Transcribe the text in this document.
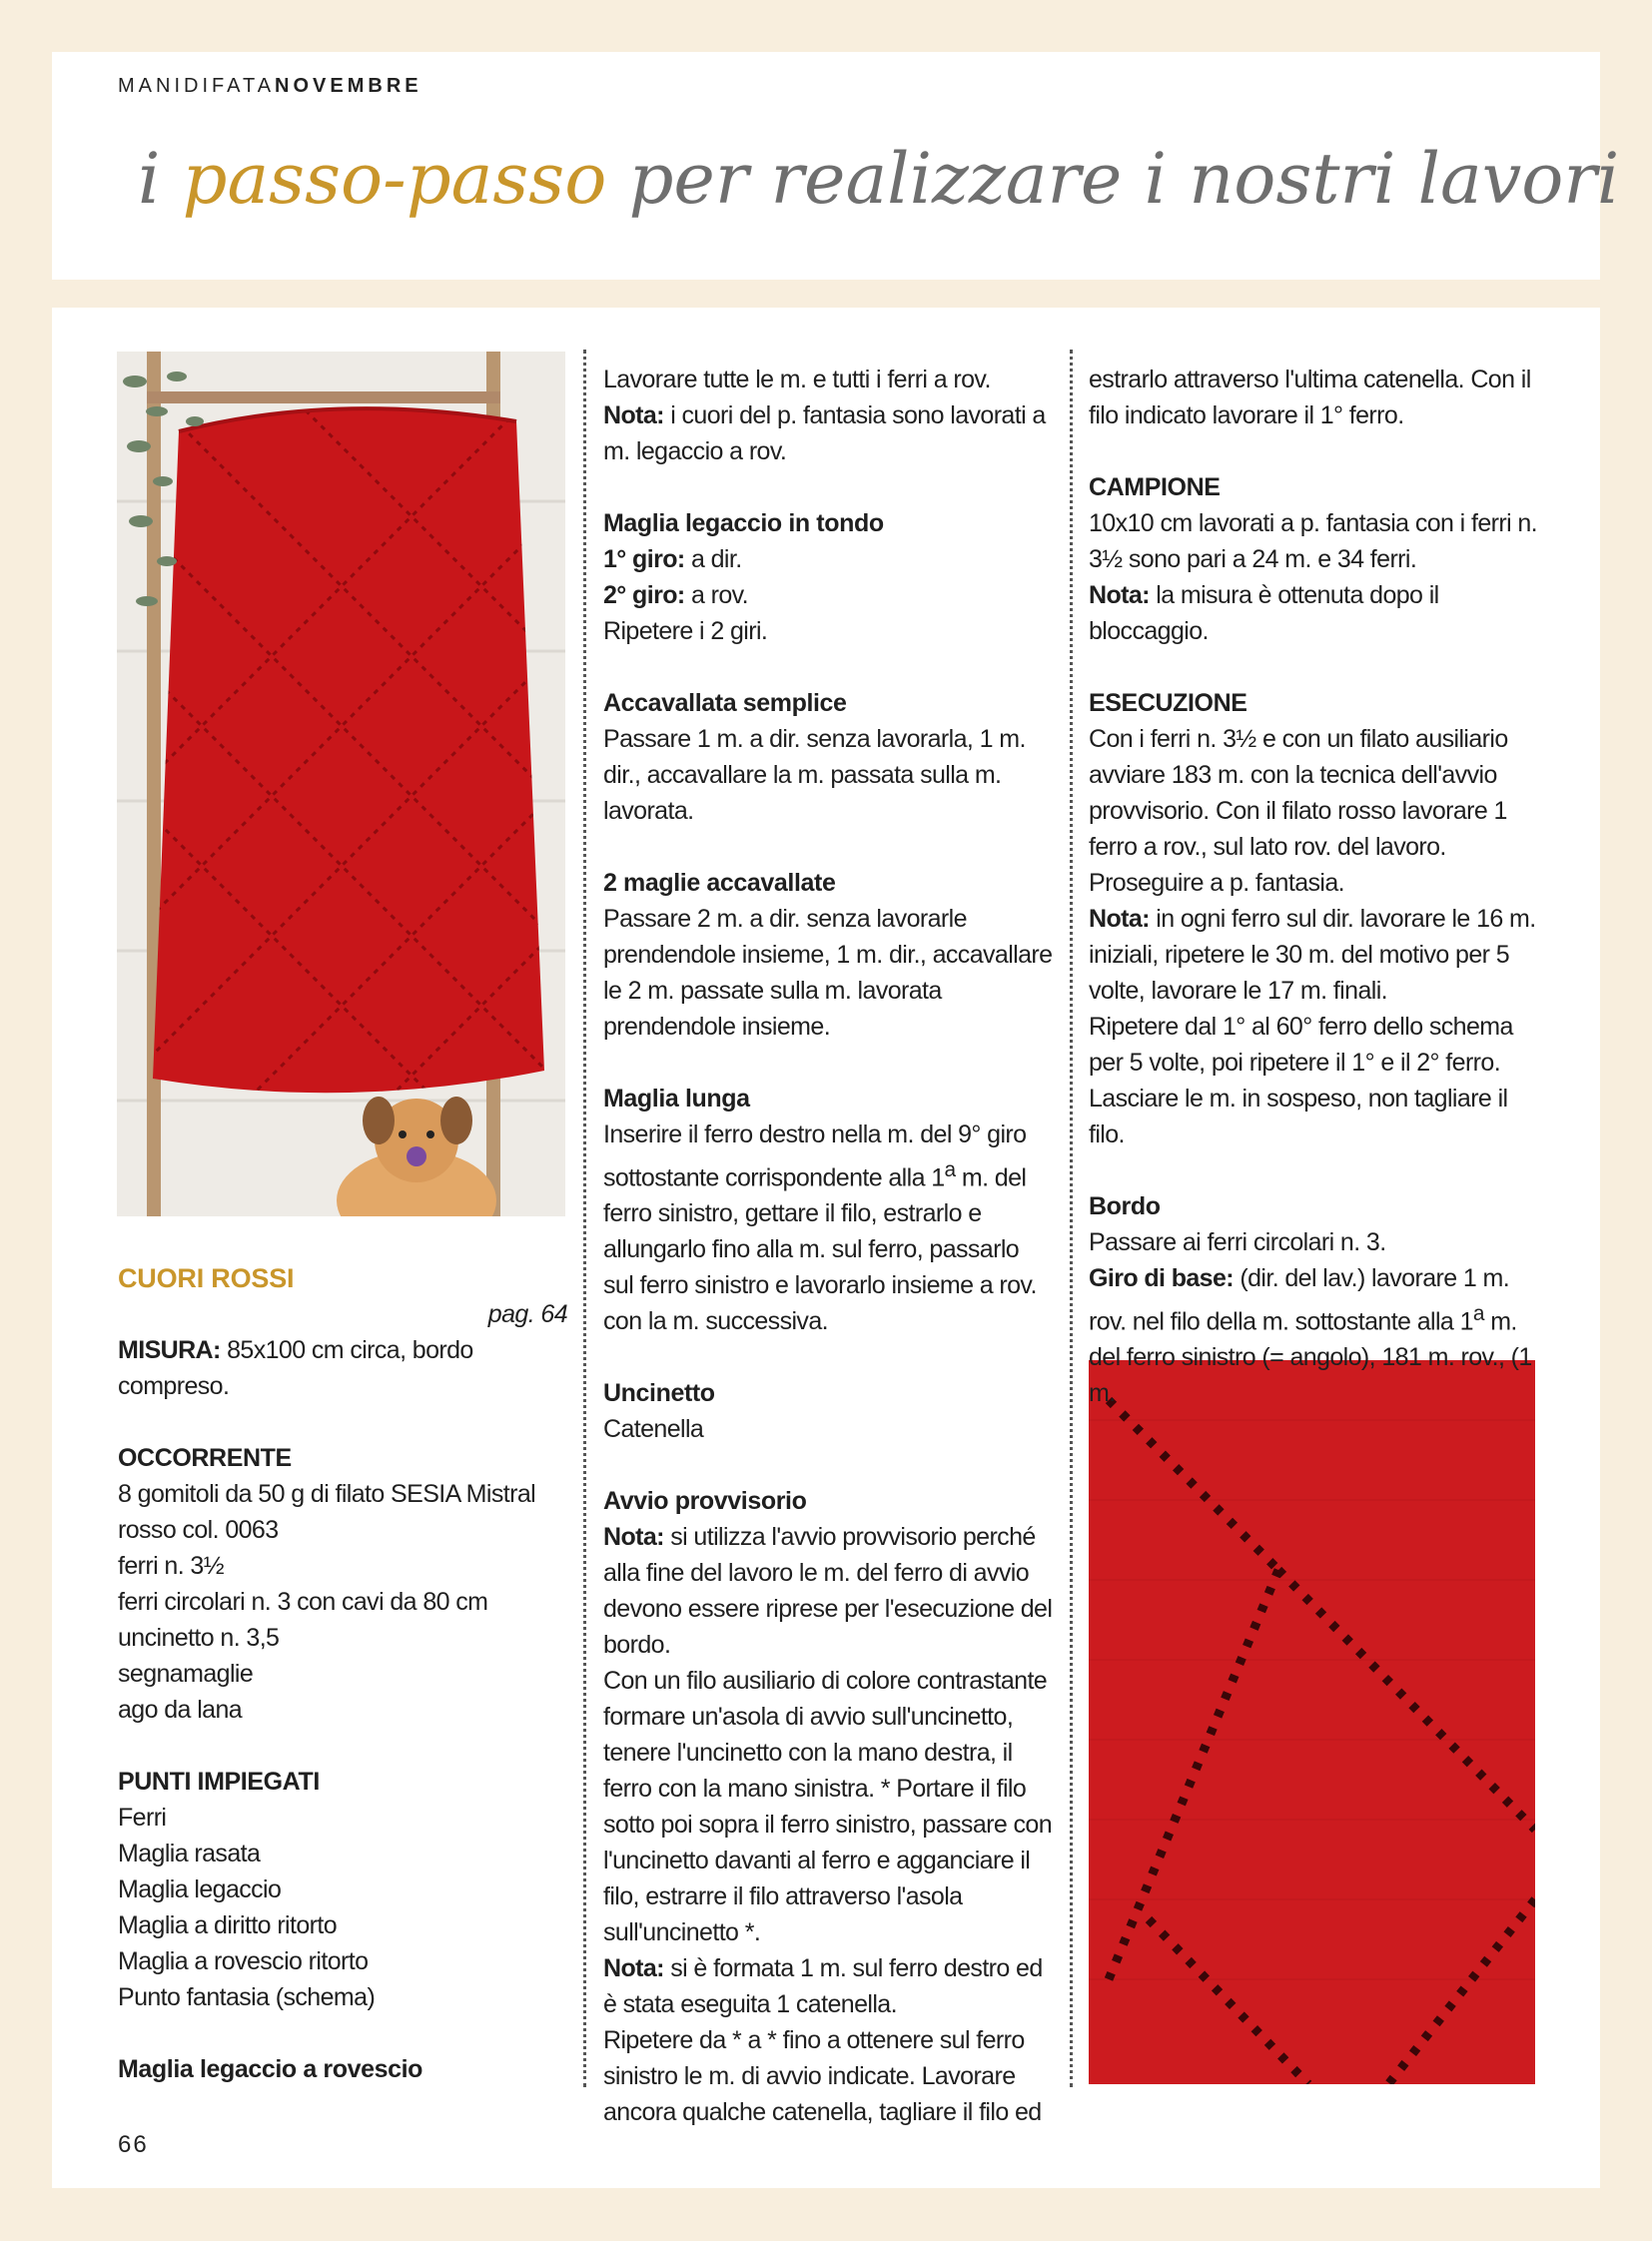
MANIDIFATANOVEMBRE
i passo-passo per realizzare i nostri lavori

CUORI ROSSI

pag. 64

MISURA: 85x100 cm circa, bordo compreso.

OCCORRENTE

8 gomitoli da 50 g di filato SESIA Mistral rosso col. 0063

ferri n. 3½

ferri circolari n. 3 con cavi da 80 cm

uncinetto n. 3,5

segnamaglie

ago da lana

PUNTI IMPIEGATI

Ferri

Maglia rasata

Maglia legaccio

Maglia a diritto ritorto

Maglia a rovescio ritorto

Punto fantasia (schema)

Maglia legaccio a rovescio

Lavorare tutte le m. e tutti i ferri a rov.

Nota: i cuori del p. fantasia sono lavorati a m. legaccio a rov.

Maglia legaccio in tondo

1° giro: a dir.

2° giro: a rov.

Ripetere i 2 giri.

Accavallata semplice

Passare 1 m. a dir. senza lavorarla, 1 m. dir., accavallare la m. passata sulla m. lavorata.

2 maglie accavallate

Passare 2 m. a dir. senza lavorarle prendendole insieme, 1 m. dir., accavallare le 2 m. passate sulla m. lavorata prendendole insieme.

Maglia lunga

Inserire il ferro destro nella m. del 9° giro sottostante corrispondente alla 1$^a$ m. del ferro sinistro, gettare il filo, estrarlo e allungarlo fino alla m. sul ferro, passarlo sul ferro sinistro e lavorarlo insieme a rov. con la m. successiva.

Uncinetto

Catenella

Avvio provvisorio

Nota: si utilizza l'avvio provvisorio perché alla fine del lavoro le m. del ferro di avvio devono essere riprese per l'esecuzione del bordo.

Con un filo ausiliario di colore contrastante formare un'asola di avvio sull'uncinetto, tenere l'uncinetto con la mano destra, il ferro con la mano sinistra. * Portare il filo sotto poi sopra il ferro sinistro, passare con l'uncinetto davanti al ferro e agganciare il filo, estrarre il filo attraverso l'asola sull'uncinetto *.

Nota: si è formata 1 m. sul ferro destro ed è stata eseguita 1 catenella.

Ripetere da * a * fino a ottenere sul ferro sinistro le m. di avvio indicate. Lavorare ancora qualche catenella, tagliare il filo ed

estrarlo attraverso l'ultima catenella. Con il filo indicato lavorare il 1° ferro.

CAMPIONE

10x10 cm lavorati a p. fantasia con i ferri n. 3½ sono pari a 24 m. e 34 ferri.

Nota: la misura è ottenuta dopo il bloccaggio.

ESECUZIONE

Con i ferri n. 3½ e con un filato ausiliario avviare 183 m. con la tecnica dell'avvio provvisorio. Con il filato rosso lavorare 1 ferro a rov., sul lato rov. del lavoro. Proseguire a p. fantasia.

Nota: in ogni ferro sul dir. lavorare le 16 m. iniziali, ripetere le 30 m. del motivo per 5 volte, lavorare le 17 m. finali.

Ripetere dal 1° al 60° ferro dello schema per 5 volte, poi ripetere il 1° e il 2° ferro. Lasciare le m. in sospeso, non tagliare il filo.

Bordo

Passare ai ferri circolari n. 3.

Giro di base: (dir. del lav.) lavorare 1 m. rov. nel filo della m. sottostante alla 1$^a$ m. del ferro sinistro (= angolo), 181 m. rov., (1 m.

66
